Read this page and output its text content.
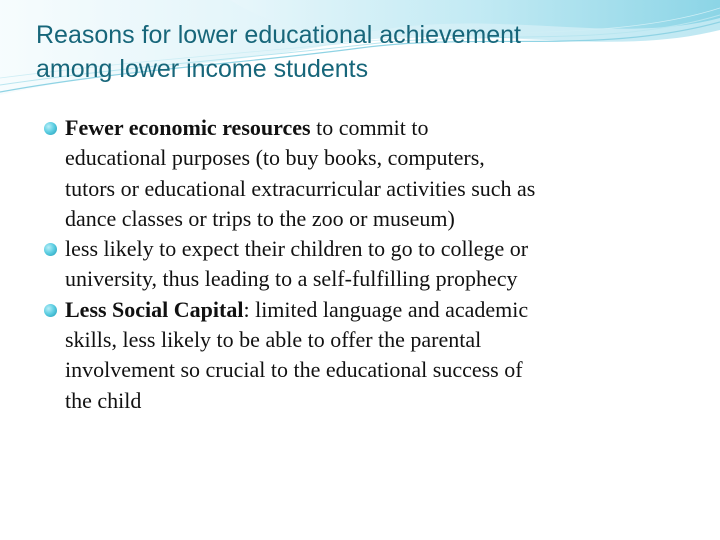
Reasons for lower educational achievement
among lower income students
Fewer economic resources to commit to
educational purposes (to buy books, computers,
tutors or educational extracurricular activities such as
dance classes or trips to the zoo or museum)
less likely to expect their children to go to college or
university, thus leading to a self‑fulfilling prophecy
Less Social Capital: limited language and academic
skills, less likely to be able to offer the parental
involvement so crucial to the educational success of
the child
